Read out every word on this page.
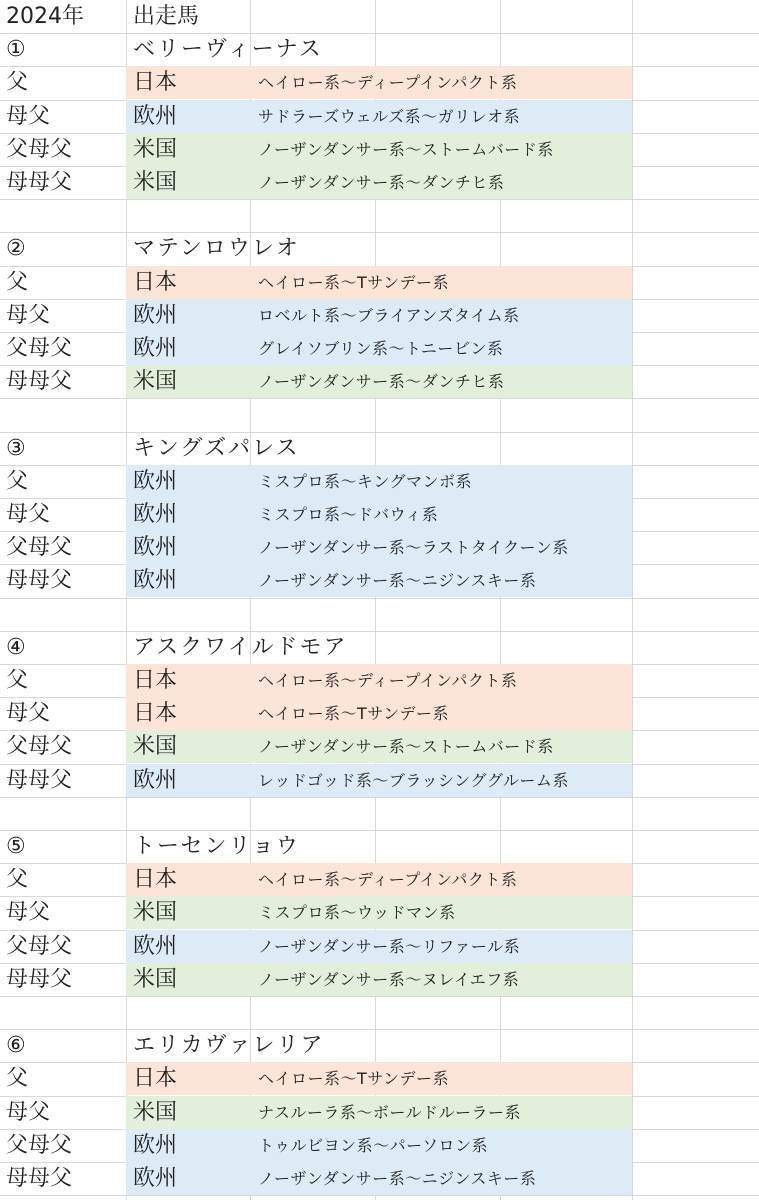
2024年 出走馬
①	ベリーヴィーナス
父	日本	ヘイロー系〜ディープインパクト系
母父	欧州	サドラーズウェルズ系〜ガリレオ系
父母父	米国	ノーザンダンサー系〜ストームバード系
母母父	米国	ノーザンダンサー系〜ダンチヒ系
②	マテンロウレオ
父	日本	ヘイロー系〜Tサンデー系
母父	欧州	ロベルト系〜ブライアンズタイム系
父母父	欧州	グレイソブリン系〜トニービン系
母母父	米国	ノーザンダンサー系〜ダンチヒ系
③	キングズパレス
父	欧州	ミスプロ系〜キングマンボ系
母父	欧州	ミスプロ系〜ドバウィ系
父母父	欧州	ノーザンダンサー系〜ラストタイクーン系
母母父	欧州	ノーザンダンサー系〜ニジンスキー系
④	アスクワイルドモア
父	日本	ヘイロー系〜ディープインパクト系
母父	日本	ヘイロー系〜Tサンデー系
父母父	米国	ノーザンダンサー系〜ストームバード系
母母父	欧州	レッドゴッド系〜ブラッシンググルーム系
⑤	トーセンリョウ
父	日本	ヘイロー系〜ディープインパクト系
母父	米国	ミスプロ系〜ウッドマン系
父母父	欧州	ノーザンダンサー系〜リファール系
母母父	米国	ノーザンダンサー系〜ヌレイエフ系
⑥	エリカヴァレリア
父	日本	ヘイロー系〜Tサンデー系
母父	米国	ナスルーラ系〜ボールドルーラー系
父母父	欧州	トゥルビヨン系〜パーソロン系
母母父	欧州	ノーザンダンサー系〜ニジンスキー系
